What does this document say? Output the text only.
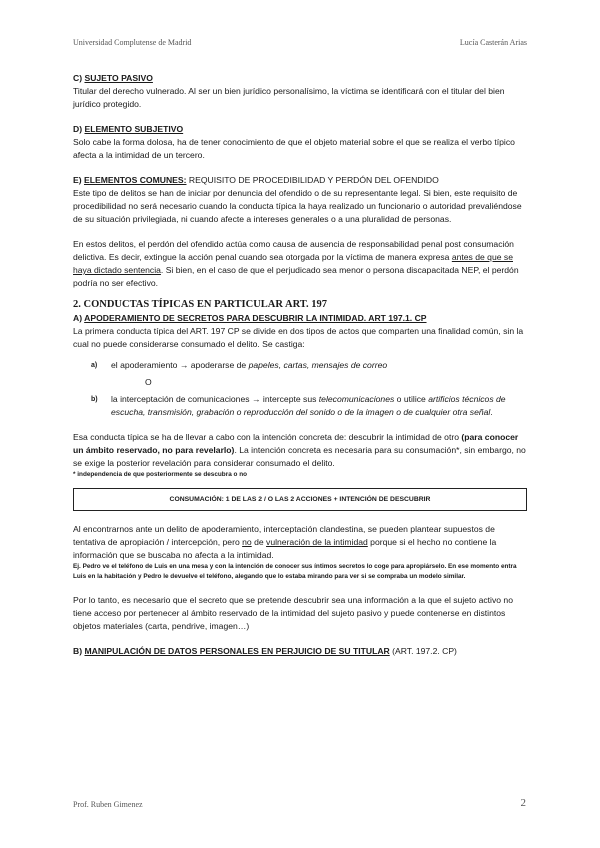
Universidad Complutense de Madrid	Lucía Casterán Arias

C) SUJETO PASIVO

Titular del derecho vulnerado. Al ser un bien jurídico personalísimo, la víctima se identificará con el titular del bien jurídico protegido.

D) ELEMENTO SUBJETIVO

Solo cabe la forma dolosa, ha de tener conocimiento de que el objeto material sobre el que se realiza el verbo típico afecta a la intimidad de un tercero.

E) ELEMENTOS COMUNES: REQUISITO DE PROCEDIBILIDAD Y PERDÓN DEL OFENDIDO

Este tipo de delitos se han de iniciar por denuncia del ofendido o de su representante legal. Si bien, este requisito de procedibilidad no será necesario cuando la conducta típica la haya realizado un funcionario o autoridad prevaliéndose de su situación privilegiada, ni cuando afecte a intereses generales o a una pluralidad de personas.

En estos delitos, el perdón del ofendido actúa como causa de ausencia de responsabilidad penal post consumación delictiva. Es decir, extingue la acción penal cuando sea otorgada por la víctima de manera expresa antes de que se haya dictado sentencia. Si bien, en el caso de que el perjudicado sea menor o persona discapacitada NEP, el perdón podría no ser efectivo.

2. CONDUCTAS TÍPICAS EN PARTICULAR ART. 197

A) APODERAMIENTO DE SECRETOS PARA DESCUBRIR LA INTIMIDAD. ART 197.1. CP

La primera conducta típica del ART. 197 CP se divide en dos tipos de actos que comparten una finalidad común, sin la cual no puede considerarse consumado el delito. Se castiga:

a)	el apoderamiento → apoderarse de papeles, cartas, mensajes de correo

O

b)	la interceptación de comunicaciones → intercepte sus telecomunicaciones o utilice artificios técnicos de escucha, transmisión, grabación o reproducción del sonido o de la imagen o de cualquier otra señal.

Esa conducta típica se ha de llevar a cabo con la intención concreta de: descubrir la intimidad de otro (para conocer un ámbito reservado, no para revelarlo). La intención concreta es necesaria para su consumación*, sin embargo, no se exige la posterior revelación para considerar consumado el delito.

* independencia de que posteriormente se descubra o no

CONSUMACIÓN: 1 DE LAS 2 / O LAS 2 ACCIONES + INTENCIÓN DE DESCUBRIR

Al encontrarnos ante un delito de apoderamiento, interceptación clandestina, se pueden plantear supuestos de tentativa de apropiación / intercepción, pero no de vulneración de la intimidad porque si el hecho no contiene la información que se buscaba no afecta a la intimidad.

Ej. Pedro ve el teléfono de Luis en una mesa y con la intención de conocer sus íntimos secretos lo coge para apropiárselo. En ese momento entra Luis en la habitación y Pedro le devuelve el teléfono, alegando que lo estaba mirando para ver si se compraba un modelo similar.

Por lo tanto, es necesario que el secreto que se pretende descubrir sea una información a la que el sujeto activo no tiene acceso por pertenecer al ámbito reservado de la intimidad del sujeto pasivo y puede contenerse en distintos objetos materiales (carta, pendrive, imagen…)

B) MANIPULACIÓN DE DATOS PERSONALES EN PERJUICIO DE SU TITULAR (ART. 197.2. CP)

Prof. Ruben Gimenez	2
